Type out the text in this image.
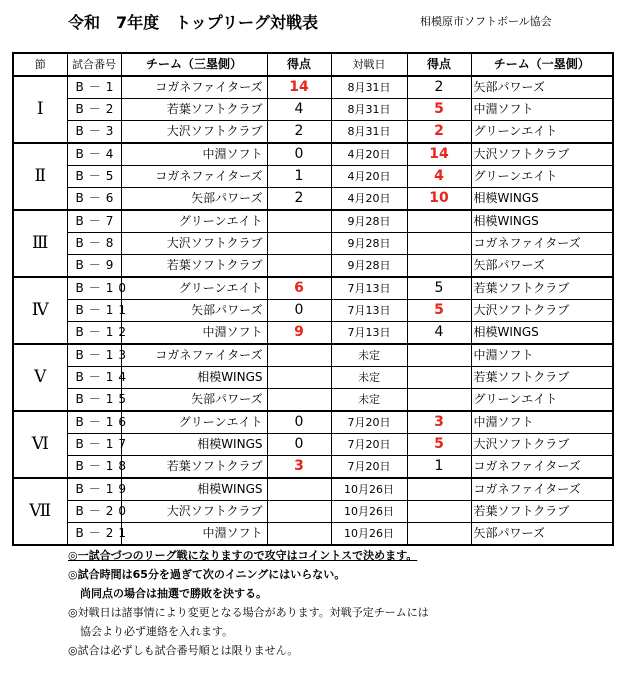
令和　7年度　トップリーグ対戦表	相模原市ソフトボール協会
節	試合番号	チーム（三塁側）	得点	対戦日	得点	チーム（一塁側）
Ⅰ	B－1	コガネファイターズ	14	8月31日	2	矢部パワーズ
	B－2	若葉ソフトクラブ	4	8月31日	5	中淵ソフト
	B－3	大沢ソフトクラブ	2	8月31日	2	グリーンエイト
Ⅱ	B－4	中淵ソフト	0	4月20日	14	大沢ソフトクラブ
	B－5	コガネファイターズ	1	4月20日	4	グリーンエイト
	B－6	矢部パワーズ	2	4月20日	10	相模WINGS
Ⅲ	B－7	グリーンエイト		9月28日		相模WINGS
	B－8	大沢ソフトクラブ		9月28日		コガネファイターズ
	B－9	若葉ソフトクラブ		9月28日		矢部パワーズ
Ⅳ	B－10	グリーンエイト	6	7月13日	5	若葉ソフトクラブ
	B－11	矢部パワーズ	0	7月13日	5	大沢ソフトクラブ
	B－12	中淵ソフト	9	7月13日	4	相模WINGS
Ⅴ	B－13	コガネファイターズ		未定		中淵ソフト
	B－14	相模WINGS		未定		若葉ソフトクラブ
	B－15	矢部パワーズ		未定		グリーンエイト
Ⅵ	B－16	グリーンエイト	0	7月20日	3	中淵ソフト
	B－17	相模WINGS	0	7月20日	5	大沢ソフトクラブ
	B－18	若葉ソフトクラブ	3	7月20日	1	コガネファイターズ
Ⅶ	B－19	相模WINGS		10月26日		コガネファイターズ
	B－20	大沢ソフトクラブ		10月26日		若葉ソフトクラブ
	B－21	中淵ソフト		10月26日		矢部パワーズ
◎一試合づつのリーグ戦になりますので攻守はコイントスで決めます。
◎試合時間は65分を過ぎて次のイニングにはいらない。
尚同点の場合は抽選で勝敗を決する。
◎対戦日は諸事情により変更となる場合があります。対戦予定チームには
協会より必ず連絡を入れます。
◎試合は必ずしも試合番号順とは限りません。
